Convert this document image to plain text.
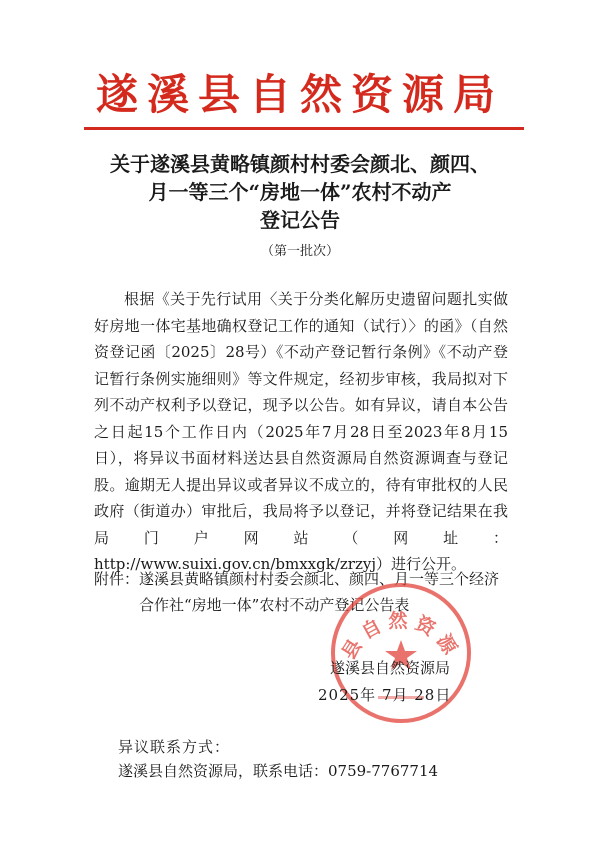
遂溪县自然资源局
关于遂溪县黄略镇颜村村委会颜北、颜四、
月一等三个“房地一体”农村不动产
登记公告
（第一批次）

根据《关于先行试用〈关于分类化解历史遗留问题扎实做好房地一体宅基地确权登记工作的通知（试行）〉的函》（自然资登记函〔2025〕28号）《不动产登记暂行条例》《不动产登记暂行条例实施细则》等文件规定，经初步审核，我局拟对下列不动产权利予以登记，现予以公告。如有异议，请自本公告之日起15个工作日内（2025年7月28日至2023年8月15日），将异议书面材料送达县自然资源局自然资源调查与登记股。逾期无人提出异议或者异议不成立的，待有审批权的人民政府（街道办）审批后，我局将予以登记，并将登记结果在我局门户网站（网址：http://www.suixi.gov.cn/bmxxgk/zrzyj）进行公开。

附件： 遂溪县黄略镇颜村村委会颜北、颜四、月一等三个经济合作社“房地一体”农村不动产登记公告表
县自然资源
遂溪县自然资源局
2025年 7月 28日
异议联系方式：
遂溪县自然资源局，联系电话：0759-7767714
